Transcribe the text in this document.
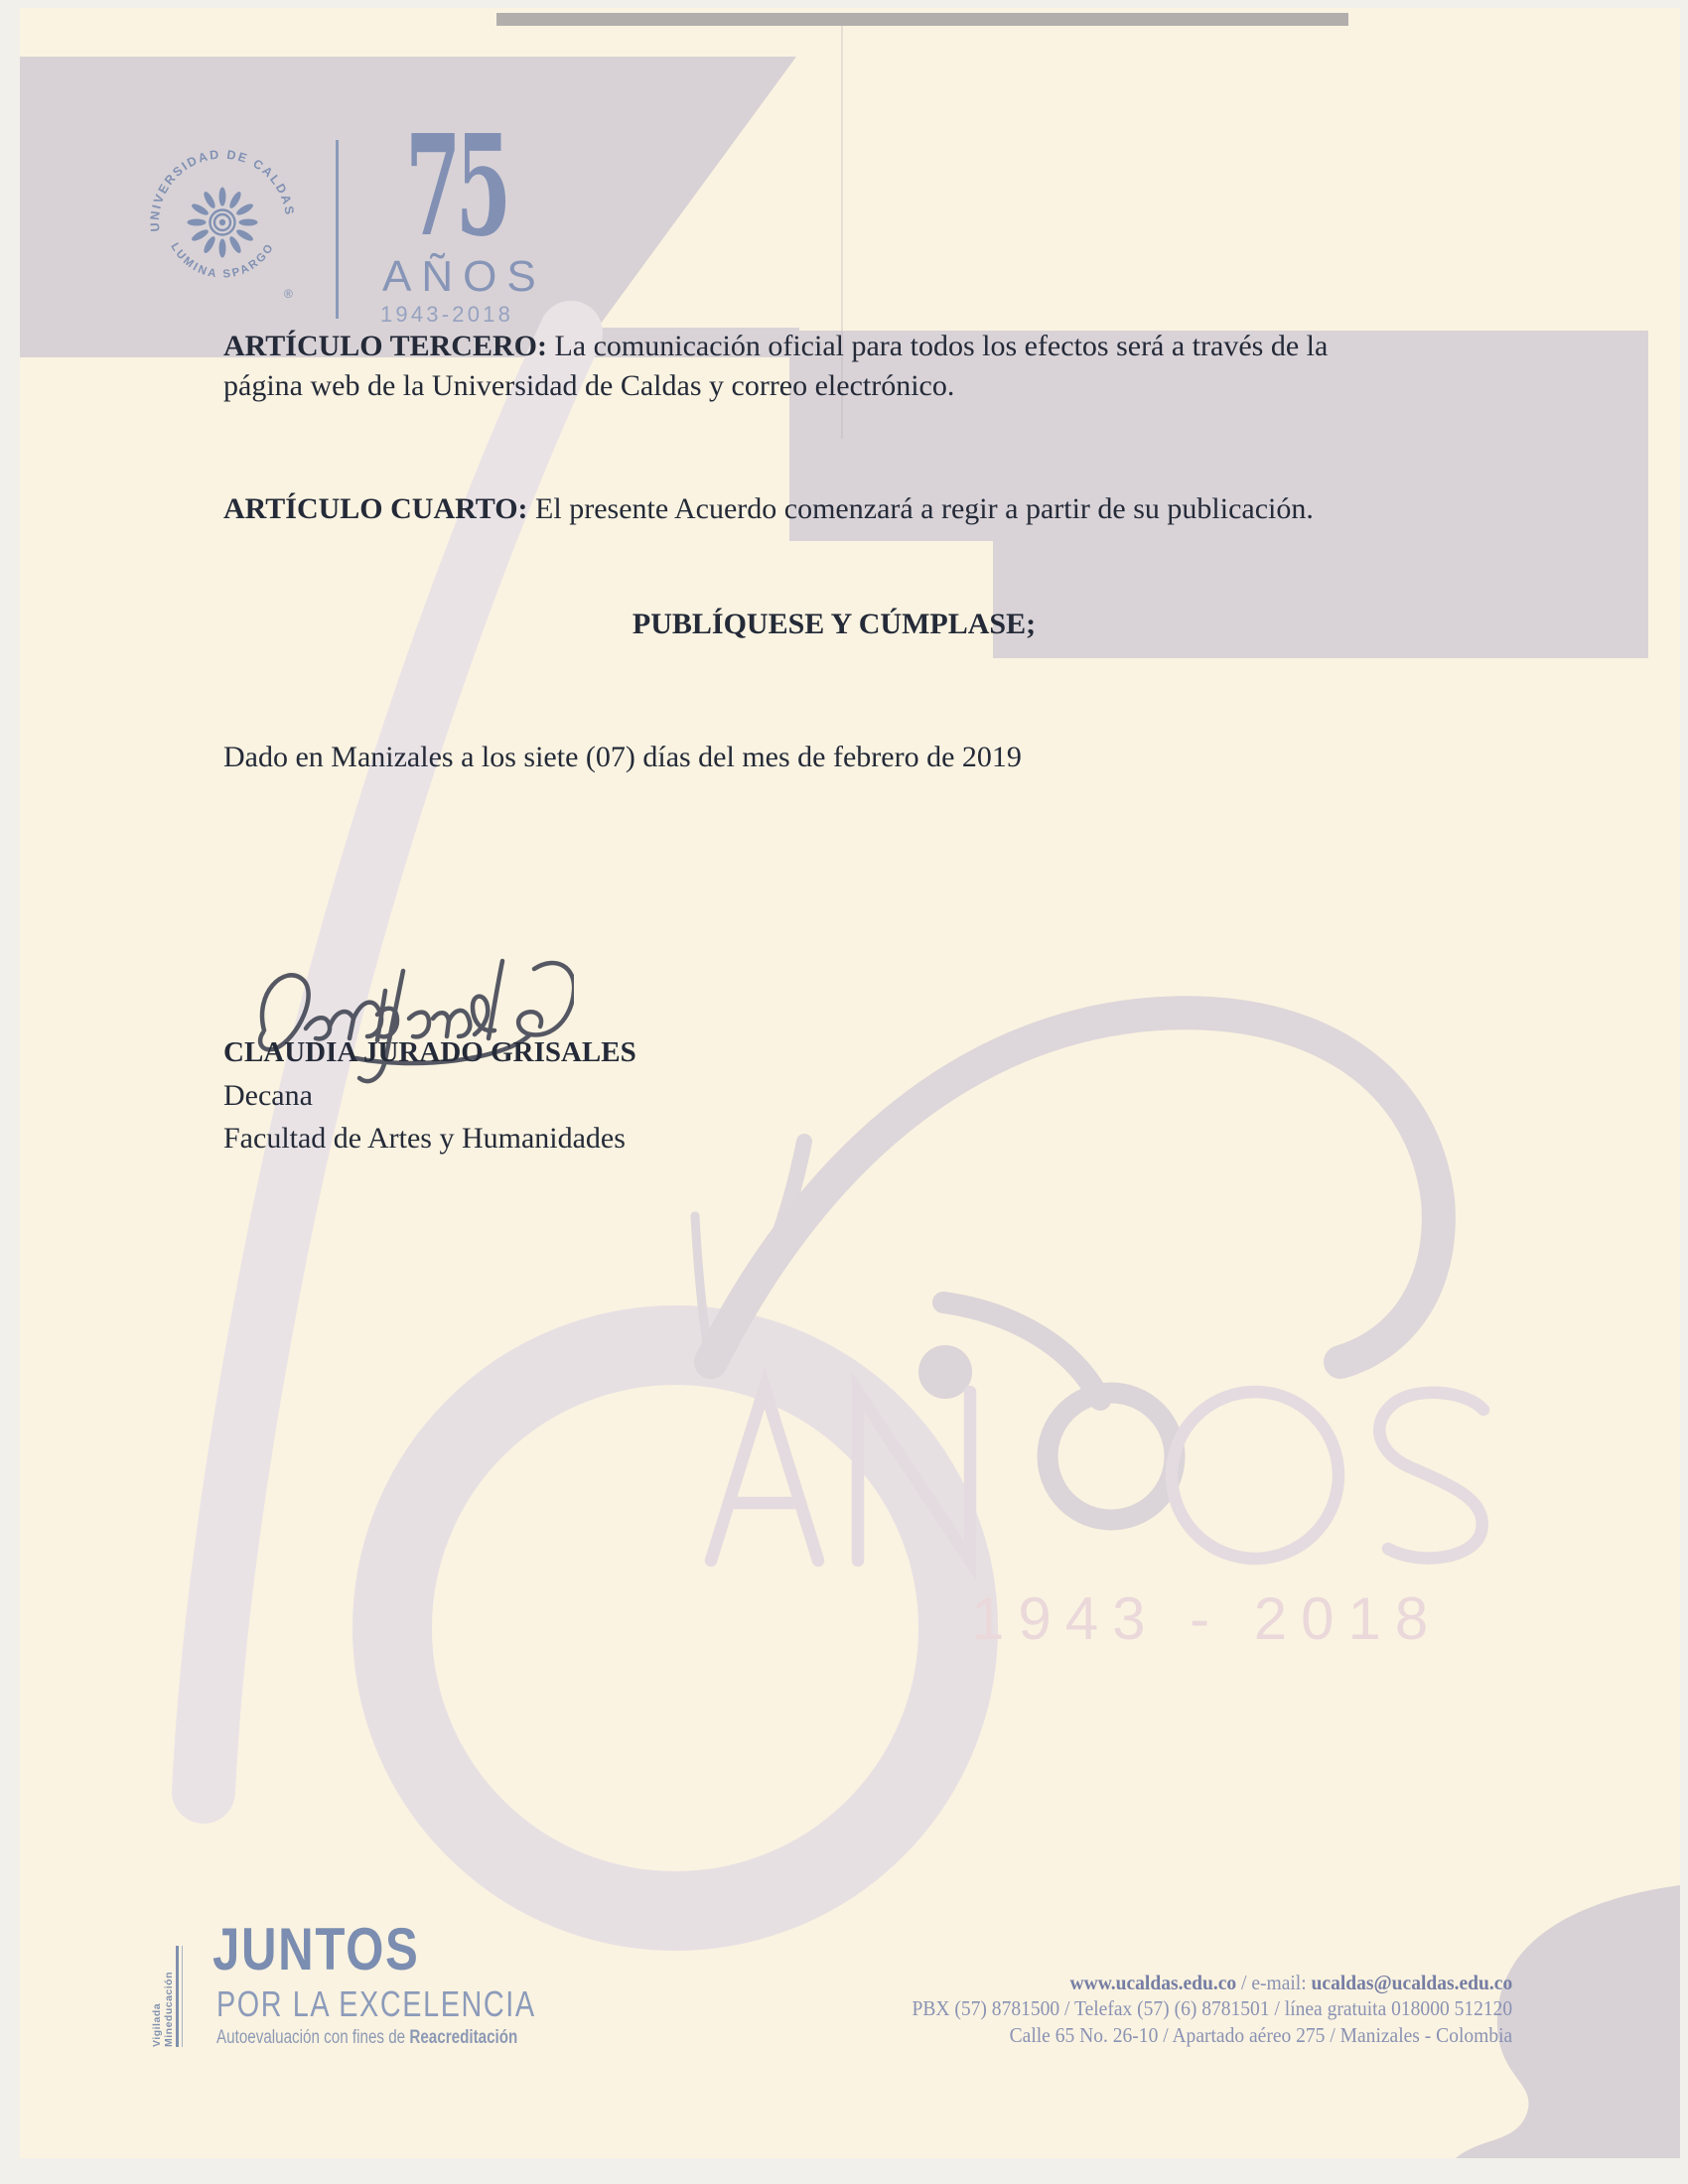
1943 - 2018
UNIVERSIDAD DE CALDAS
LUMINA SPARGO
®
75
AÑOS
1943-2018
ARTÍCULO TERCERO: La comunicación oficial para todos los efectos será a través de la
página web de la Universidad de Caldas y correo electrónico.
ARTÍCULO CUARTO: El presente Acuerdo comenzará a regir a partir de su publicación.
PUBLÍQUESE Y CÚMPLASE;
Dado en Manizales a los siete (07) días del mes de febrero de 2019
CLAUDIA JURADO GRISALES
Decana
Facultad de Artes y Humanidades
Vigilada Mineducación
JUNTOS
POR LA EXCELENCIA
Autoevaluación con fines de Reacreditación
www.ucaldas.edu.co / e-mail: ucaldas@ucaldas.edu.co
PBX (57) 8781500 / Telefax (57) (6) 8781501 / línea gratuita 018000 512120
Calle 65 No. 26-10 / Apartado aéreo 275 / Manizales - Colombia
